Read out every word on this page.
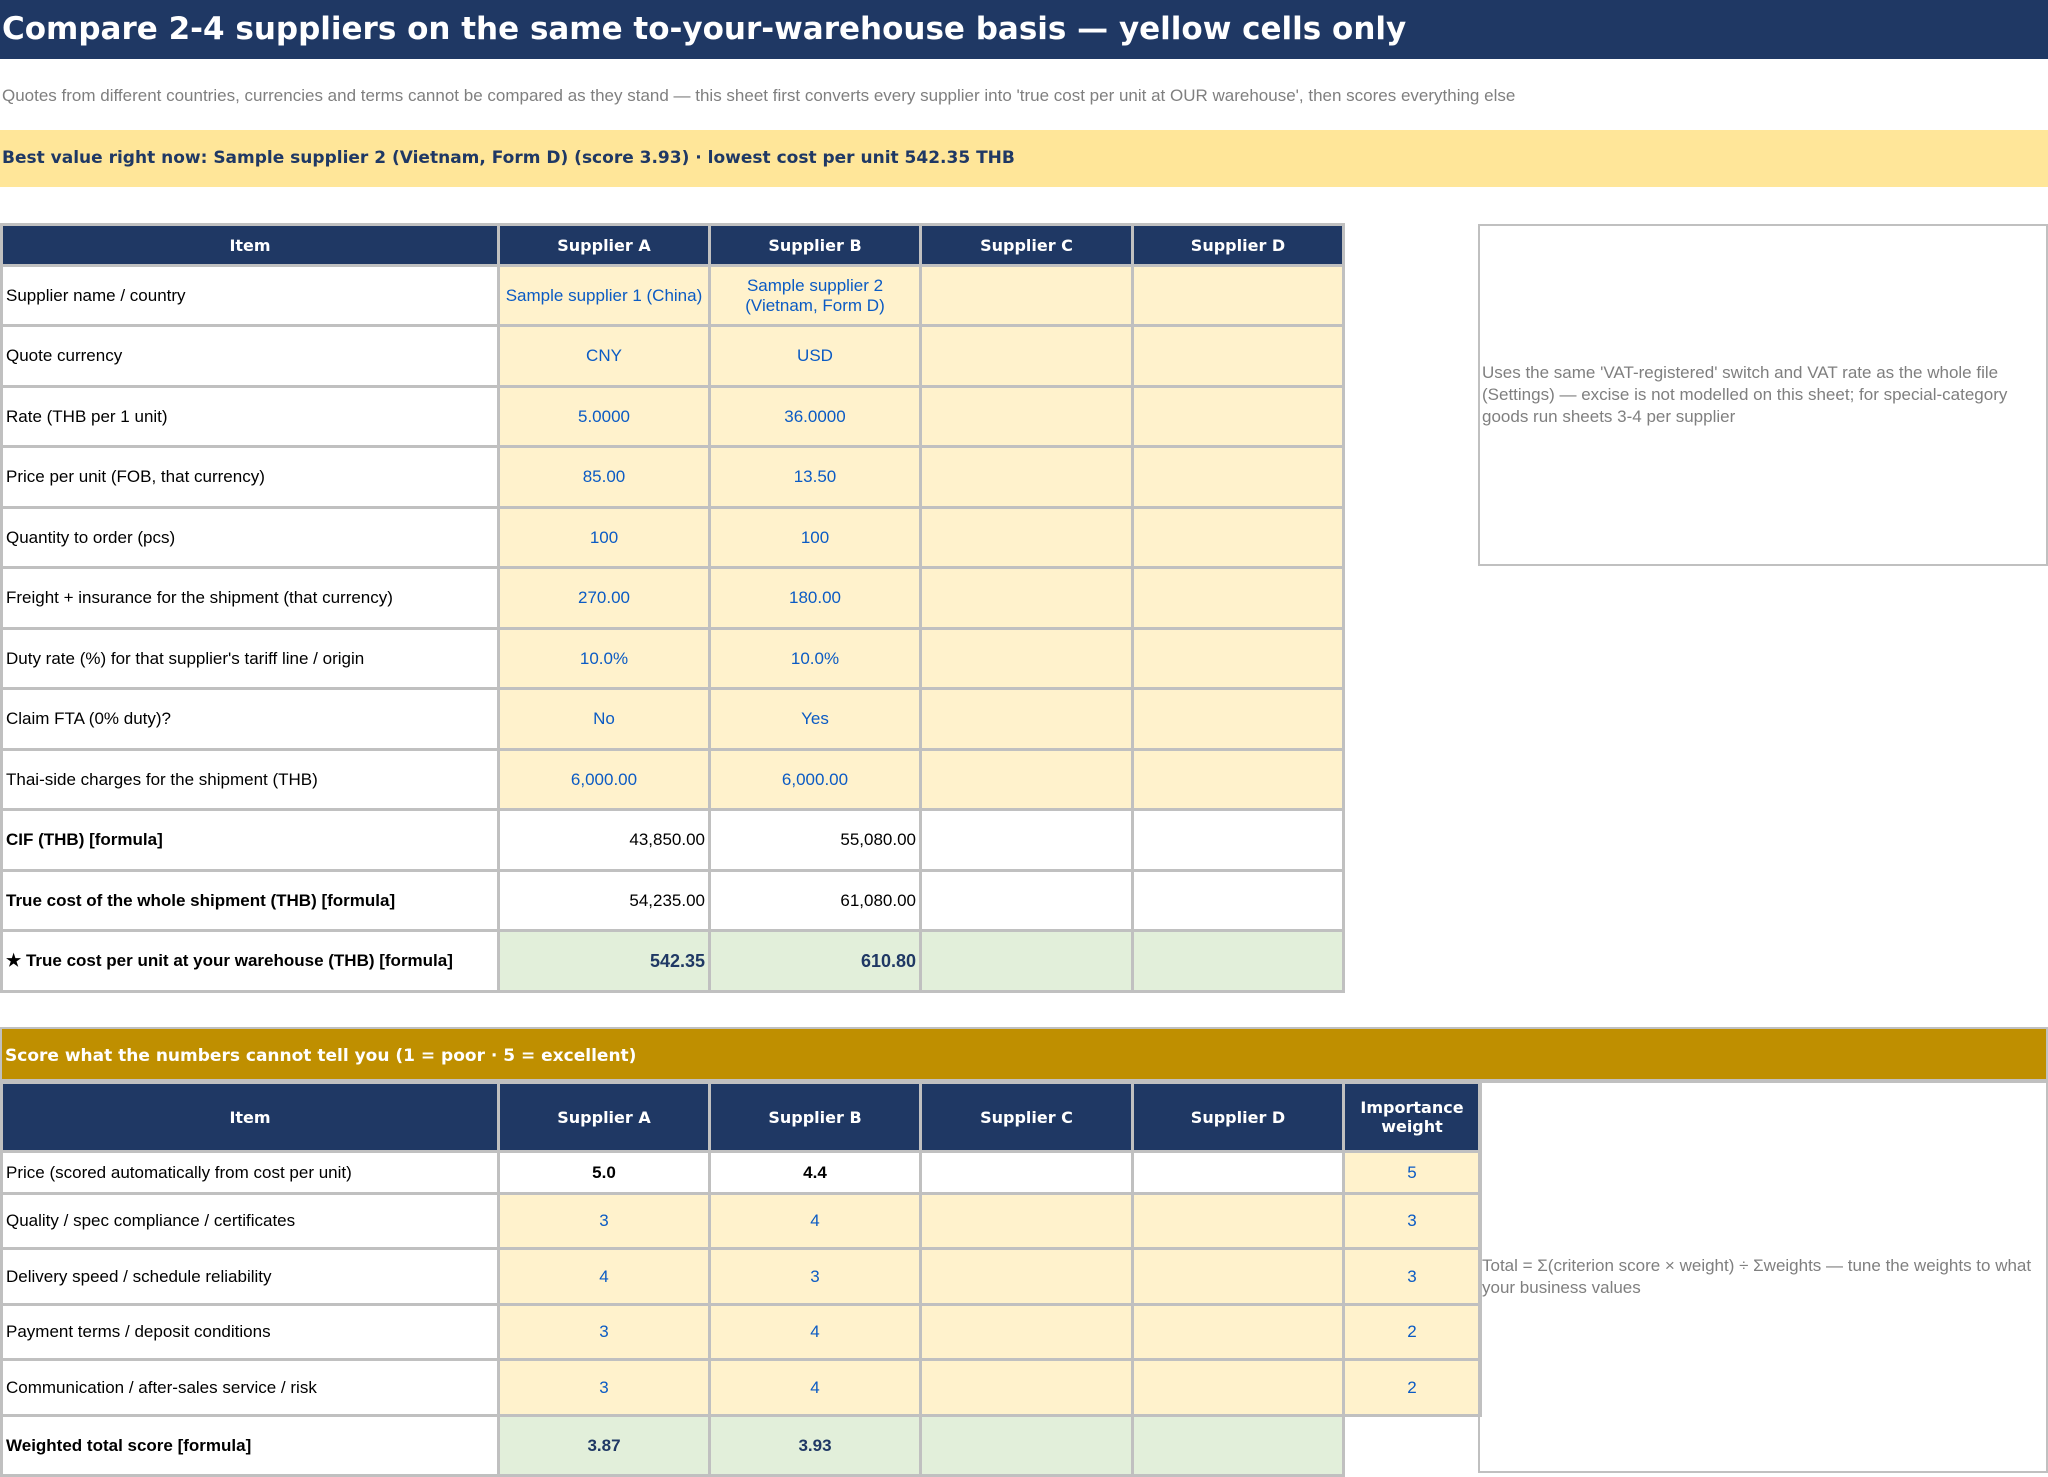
Compare 2-4 suppliers on the same to-your-warehouse basis — yellow cells only
Quotes from different countries, currencies and terms cannot be compared as they stand — this sheet first converts every supplier into 'true cost per unit at OUR warehouse', then scores everything else
Best value right now: Sample supplier 2 (Vietnam, Form D) (score 3.93) · lowest cost per unit 542.35 THB
Item	Supplier A	Supplier B	Supplier C	Supplier D
Supplier name / country	Sample supplier 1 (China)	Sample supplier 2 (Vietnam, Form D)		
Quote currency	CNY	USD		
Rate (THB per 1 unit)	5.0000	36.0000		
Price per unit (FOB, that currency)	85.00	13.50		
Quantity to order (pcs)	100	100		
Freight + insurance for the shipment (that currency)	270.00	180.00		
Duty rate (%) for that supplier's tariff line / origin	10.0%	10.0%		
Claim FTA (0% duty)?	No	Yes		
Thai-side charges for the shipment (THB)	6,000.00	6,000.00		
CIF (THB) [formula]	43,850.00	55,080.00		
True cost of the whole shipment (THB) [formula]	54,235.00	61,080.00		
★ True cost per unit at your warehouse (THB) [formula]	542.35	610.80		
Uses the same 'VAT-registered' switch and VAT rate as the whole file (Settings) — excise is not modelled on this sheet; for special-category goods run sheets 3-4 per supplier
Score what the numbers cannot tell you (1 = poor · 5 = excellent)
Item	Supplier A	Supplier B	Supplier C	Supplier D	Importance weight
Price (scored automatically from cost per unit)	5.0	4.4			5
Quality / spec compliance / certificates	3	4			3
Delivery speed / schedule reliability	4	3			3
Payment terms / deposit conditions	3	4			2
Communication / after-sales service / risk	3	4			2
Weighted total score [formula]	3.87	3.93			
Total = Σ(criterion score × weight) ÷ Σweights — tune the weights to what your business values
